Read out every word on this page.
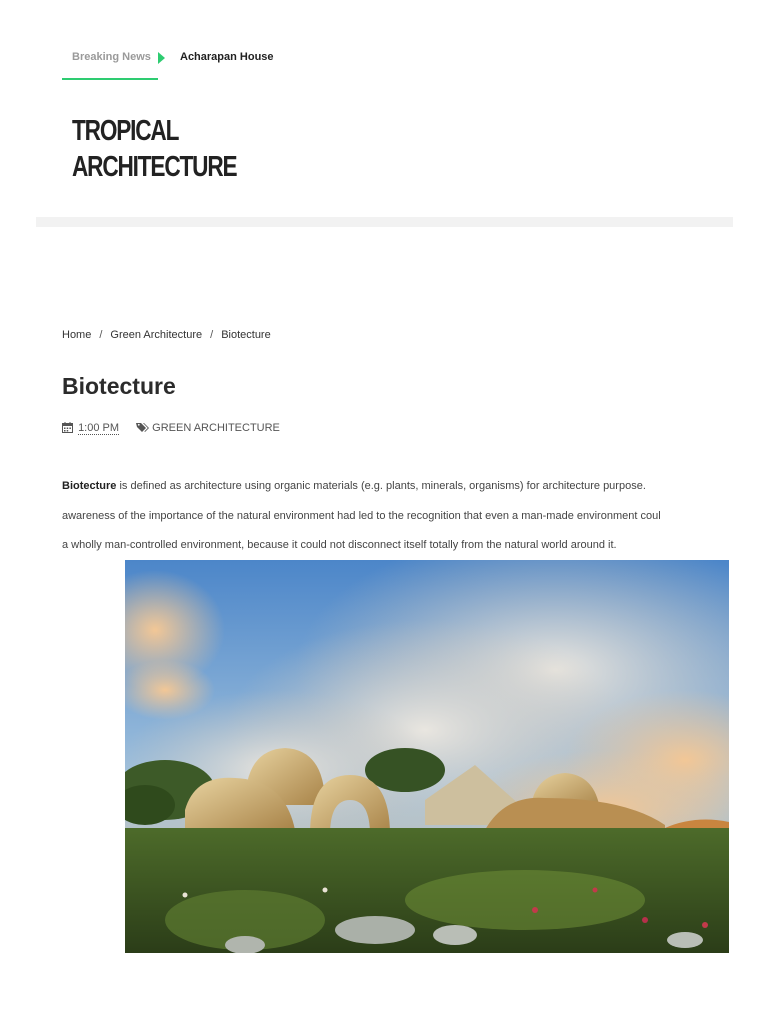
Breaking News	Acharapan House
TROPICAL
ARCHITECTURE
Home / Green Architecture / Biotecture
Biotecture
1:00 PM	GREEN ARCHITECTURE

Biotecture is defined as architecture using organic materials (e.g. plants, minerals, organisms) for architecture purpose.
awareness of the importance of the natural environment had led to the recognition that even a man-made environment coul
a wholly man-controlled environment, because it could not disconnect itself totally from the natural world around it.
